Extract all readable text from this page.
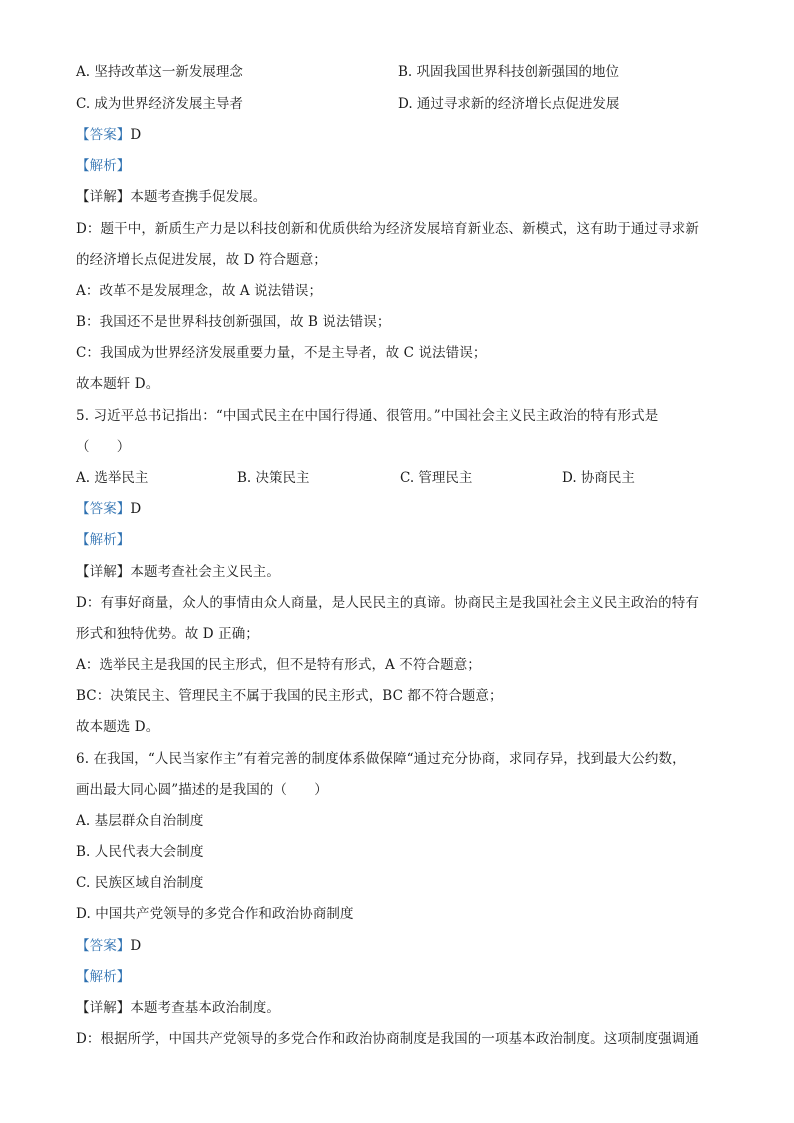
A. 坚持改革这一新发展理念	B. 巩固我国世界科技创新强国的地位
C. 成为世界经济发展主导者	D. 通过寻求新的经济增长点促进发展
【答案】D
【解析】
【详解】本题考查携手促发展。
D：题干中，新质生产力是以科技创新和优质供给为经济发展培育新业态、新模式，这有助于通过寻求新
的经济增长点促进发展，故 D 符合题意；
A：改革不是发展理念，故 A 说法错误；
B：我国还不是世界科技创新强国，故 B 说法错误；
C：我国成为世界经济发展重要力量，不是主导者，故 C 说法错误；
故本题轩 D。
5. 习近平总书记指出：“中国式民主在中国行得通、很管用。”中国社会主义民主政治的特有形式是
（　　）
A. 选举民主	B. 决策民主	C. 管理民主	D. 协商民主
【答案】D
【解析】
【详解】本题考查社会主义民主。
D：有事好商量，众人的事情由众人商量，是人民民主的真谛。协商民主是我国社会主义民主政治的特有
形式和独特优势。故 D 正确；
A：选举民主是我国的民主形式，但不是特有形式，A 不符合题意；
BC：决策民主、管理民主不属于我国的民主形式，BC 都不符合题意；
故本题选 D。
6. 在我国，“人民当家作主”有着完善的制度体系做保障“通过充分协商，求同存异，找到最大公约数，
画出最大同心圆”描述的是我国的（　　）
A. 基层群众自治制度
B. 人民代表大会制度
C. 民族区域自治制度
D. 中国共产党领导的多党合作和政治协商制度
【答案】D
【解析】
【详解】本题考查基本政治制度。
D：根据所学，中国共产党领导的多党合作和政治协商制度是我国的一项基本政治制度。这项制度强调通
